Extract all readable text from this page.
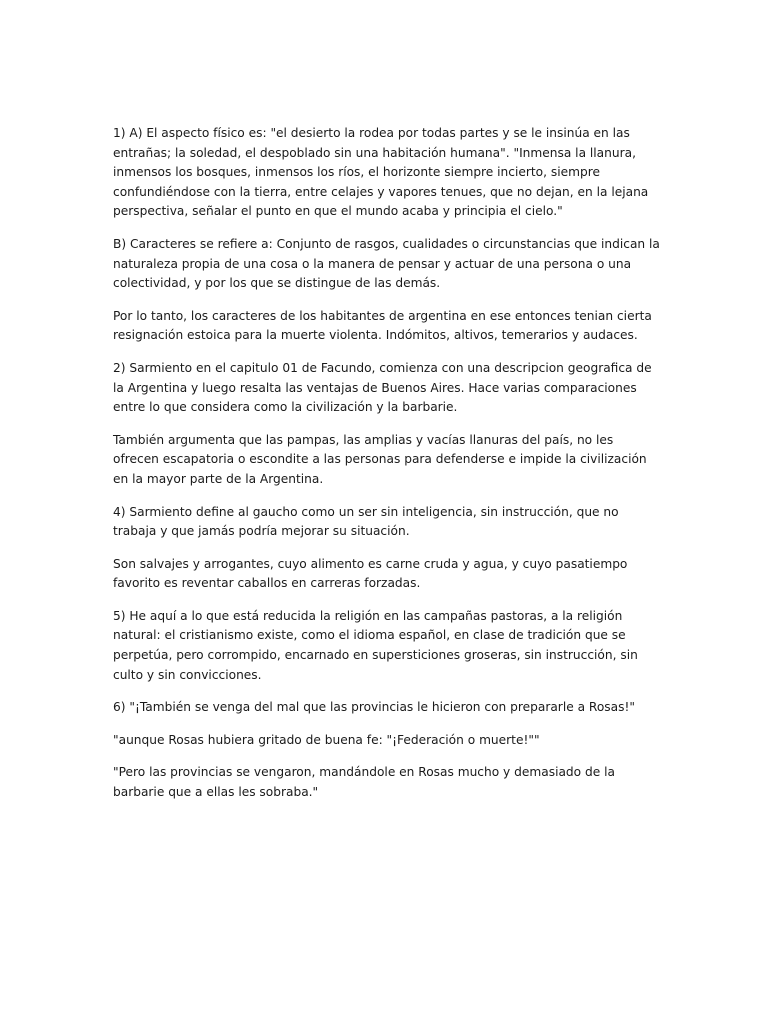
1) A) El aspecto físico es: "el desierto la rodea por todas partes y se le insinúa en las entrañas; la soledad, el despoblado sin una habitación humana". "Inmensa la llanura, inmensos los bosques, inmensos los ríos, el horizonte siempre incierto, siempre confundiéndose con la tierra, entre celajes y vapores tenues, que no dejan, en la lejana perspectiva, señalar el punto en que el mundo acaba y principia el cielo."

B) Caracteres se refiere a: Conjunto de rasgos, cualidades o circunstancias que indican la naturaleza propia de una cosa o la manera de pensar y actuar de una persona o una colectividad, y por los que se distingue de las demás.

Por lo tanto, los caracteres de los habitantes de argentina en ese entonces tenian cierta resignación estoica para la muerte violenta. Indómitos, altivos, temerarios y audaces.

2) Sarmiento en el capitulo 01 de Facundo, comienza con una descripcion geografica de la Argentina y luego resalta las ventajas de Buenos Aires. Hace varias comparaciones entre lo que considera como la civilización y la barbarie.

También argumenta que las pampas, las amplias y vacías llanuras del país, no les ofrecen escapatoria o escondite a las personas para defenderse e impide la civilización en la mayor parte de la Argentina.

4) Sarmiento define al gaucho como un ser sin inteligencia, sin instrucción, que no trabaja y que jamás podría mejorar su situación.

Son salvajes y arrogantes, cuyo alimento es carne cruda y agua, y cuyo pasatiempo favorito es reventar caballos en carreras forzadas.

5) He aquí a lo que está reducida la religión en las campañas pastoras, a la religión natural: el cristianismo existe, como el idioma español, en clase de tradición que se perpetúa, pero corrompido, encarnado en supersticiones groseras, sin instrucción, sin culto y sin convicciones.

6) "¡También se venga del mal que las provincias le hicieron con prepararle a Rosas!"

"aunque Rosas hubiera gritado de buena fe: "¡Federación o muerte!""

"Pero las provincias se vengaron, mandándole en Rosas mucho y demasiado de la barbarie que a ellas les sobraba."
